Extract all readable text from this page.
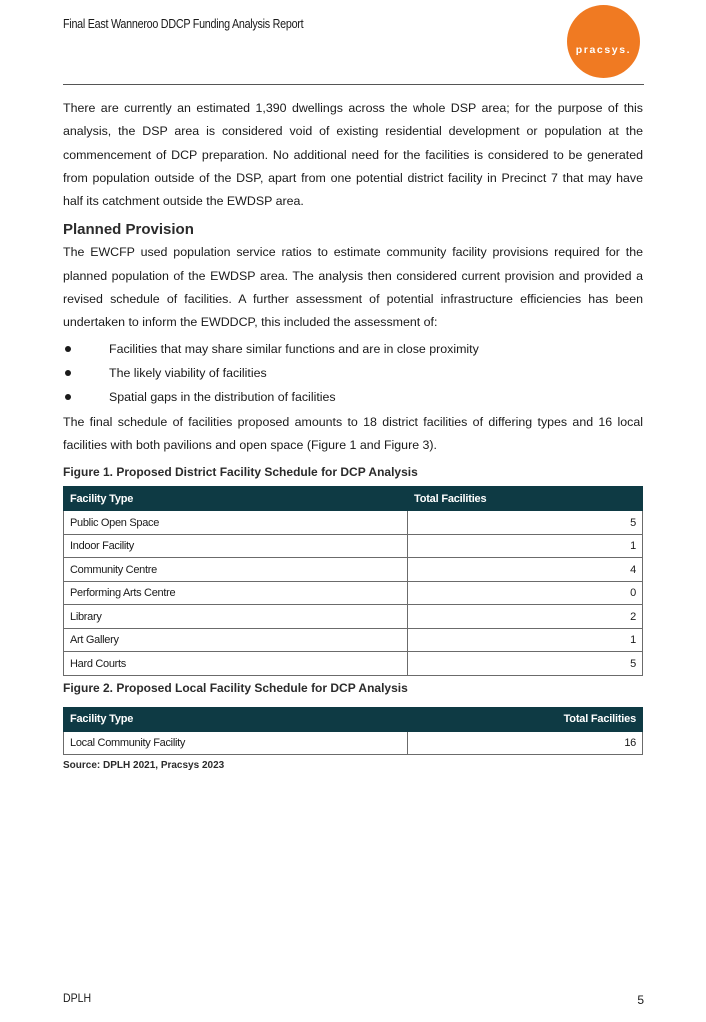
Final East Wanneroo DDCP Funding Analysis Report
pracsys.

There are currently an estimated 1,390 dwellings across the whole DSP area; for the purpose of this analysis, the DSP area is considered void of existing residential development or population at the commencement of DCP preparation. No additional need for the facilities is considered to be generated from population outside of the DSP, apart from one potential district facility in Precinct 7 that may have half its catchment outside the EWDSP area.

Planned Provision

The EWCFP used population service ratios to estimate community facility provisions required for the planned population of the EWDSP area. The analysis then considered current provision and provided a revised schedule of facilities. A further assessment of potential infrastructure efficiencies has been undertaken to inform the EWDDCP, this included the assessment of:

Facilities that may share similar functions and are in close proximity
The likely viability of facilities
Spatial gaps in the distribution of facilities

The final schedule of facilities proposed amounts to 18 district facilities of differing types and 16 local facilities with both pavilions and open space (Figure 1 and Figure 3).

Figure 1. Proposed District Facility Schedule for DCP Analysis
Facility Type	Total Facilities
Public Open Space	5
Indoor Facility	1
Community Centre	4
Performing Arts Centre	0
Library	2
Art Gallery	1
Hard Courts	5
Figure 2. Proposed Local Facility Schedule for DCP Analysis
Facility Type	Total Facilities
Local Community Facility	16
Source: DPLH 2021, Pracsys 2023
DPLH	5
